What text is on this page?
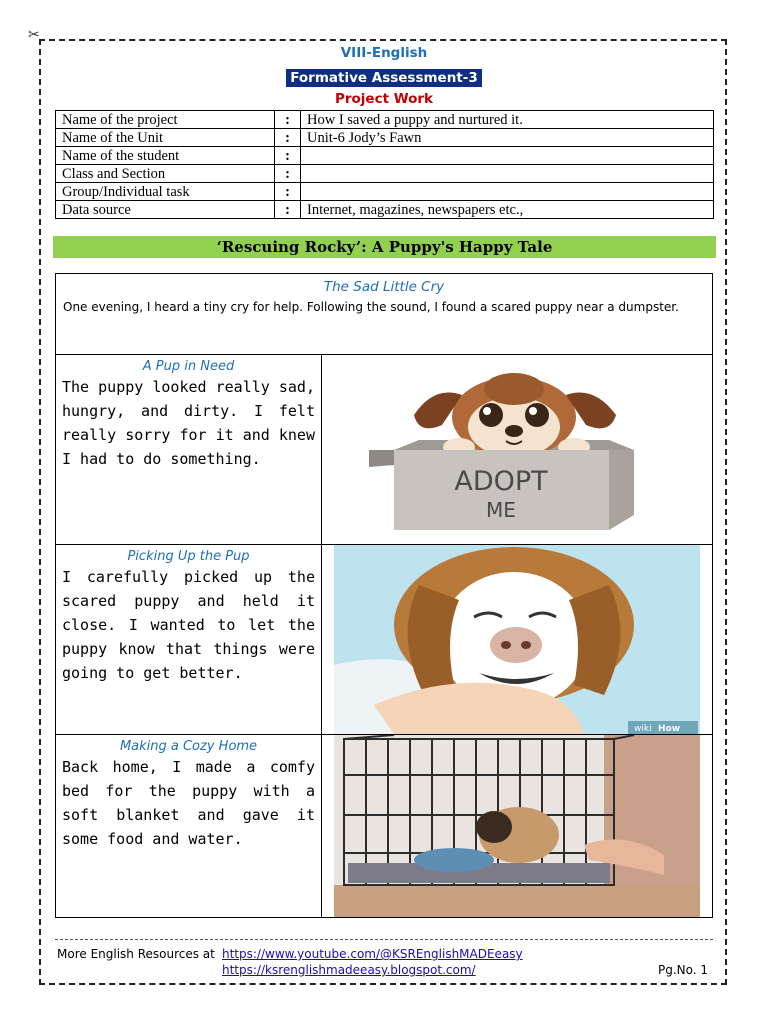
✂
VIII-English
Formative Assessment-3
Project Work
Name of the project	:	How I saved a puppy and nurtured it.
Name of the Unit	:	Unit-6 Jody’s Fawn
Name of the student	:	
Class and Section	:	
Group/Individual task	:	
Data source	:	Internet, magazines, newspapers etc.,
‘Rescuing Rocky’: A Puppy's Happy Tale
The Sad Little Cry
One evening, I heard a tiny cry for help. Following the sound, I found a scared puppy near a dumpster.
A Pup in Need
The puppy looked really sad, hungry, and dirty. I felt really sorry for it and knew I had to do something.
ADOPT
ME
Picking Up the Pup
I carefully picked up the scared puppy and held it close. I wanted to let the puppy know that things were going to get better.
wiki How
Making a Cozy Home
Back home, I made a comfy bed for the puppy with a soft blanket and gave it some food and water.
More English Resources at https://www.youtube.com/@KSREnglishMADEeasy
https://ksrenglishmadeeasy.blogspot.com/	Pg.No. 1
